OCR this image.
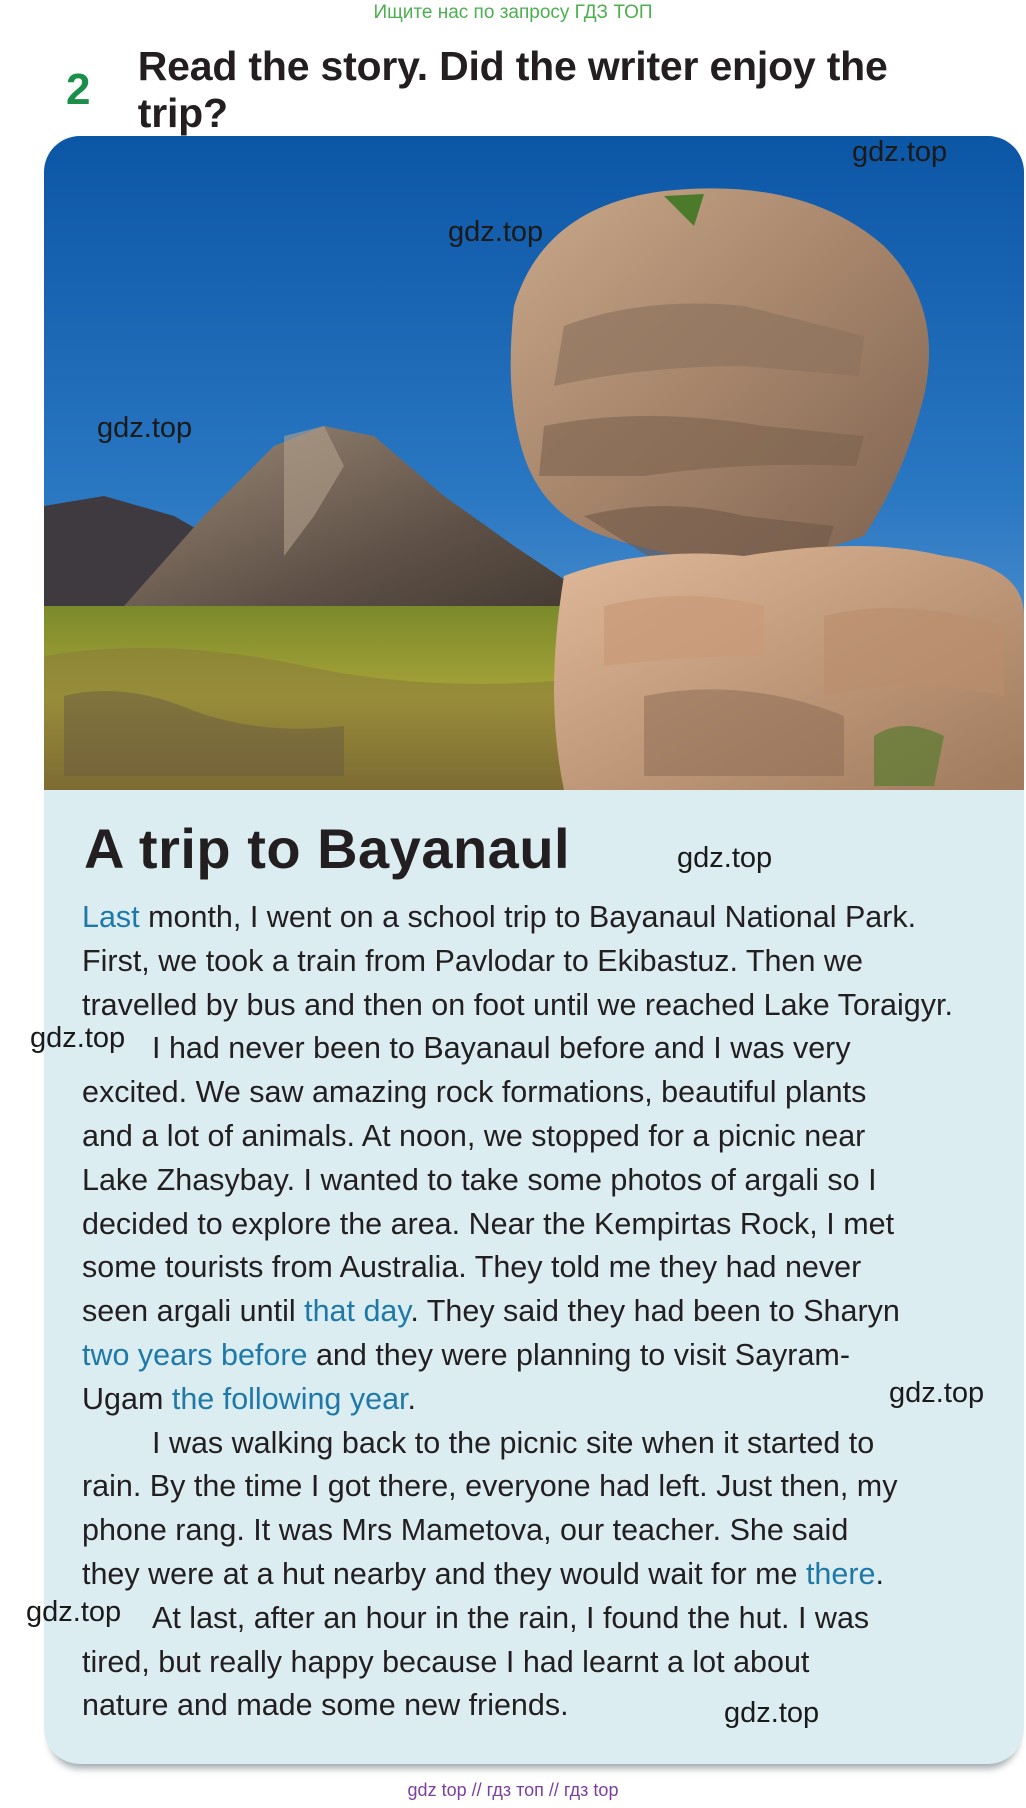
Ищите нас по запросу ГДЗ ТОП
2	Read the story. Did the writer enjoy the trip?
A trip to Bayanaul
Last month, I went on a school trip to Bayanaul National Park.
First, we took a train from Pavlodar to Ekibastuz. Then we
travelled by bus and then on foot until we reached Lake Toraigyr.
I had never been to Bayanaul before and I was very
excited. We saw amazing rock formations, beautiful plants
and a lot of animals. At noon, we stopped for a picnic near
Lake Zhasybay. I wanted to take some photos of argali so I
decided to explore the area. Near the Kempirtas Rock, I met
some tourists from Australia. They told me they had never
seen argali until that day. They said they had been to Sharyn
two years before and they were planning to visit Sayram-
Ugam the following year.
I was walking back to the picnic site when it started to
rain. By the time I got there, everyone had left. Just then, my
phone rang. It was Mrs Mametova, our teacher. She said
they were at a hut nearby and they would wait for me there.
At last, after an hour in the rain, I found the hut. I was
tired, but really happy because I had learnt a lot about
nature and made some new friends.
gdz.top
gdz.top
gdz.top
gdz.top
gdz.top
gdz.top
gdz.top
gdz.top
gdz top // гдз топ // гдз top
